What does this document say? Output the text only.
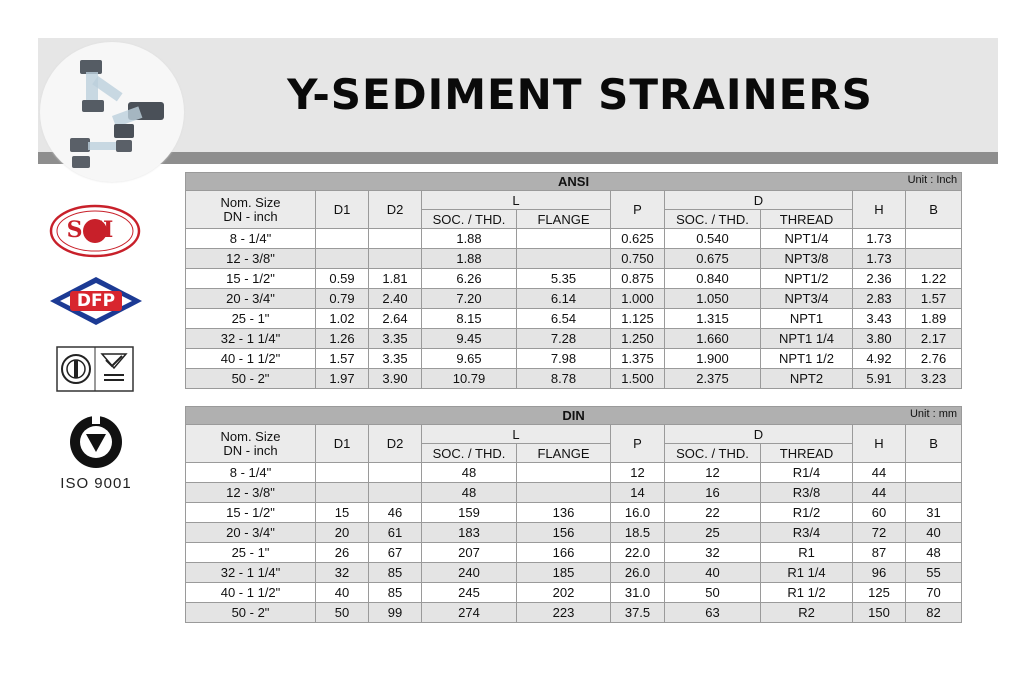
Y-SEDIMENT STRAINERS
SH
DFP
ISO 9001
ANSI Unit : Inch									

Nom. Size
DN - inch	D1	D2	L		P	D		H	B
			SOC. / THD.	FLANGE		SOC. / THD.	THREAD		
8 - 1/4"			1.88		0.625	0.540	NPT1/4	1.73	
12 - 3/8"			1.88		0.750	0.675	NPT3/8	1.73	
15 - 1/2"	0.59	1.81	6.26	5.35	0.875	0.840	NPT1/2	2.36	1.22
20 - 3/4"	0.79	2.40	7.20	6.14	1.000	1.050	NPT3/4	2.83	1.57
25 - 1"	1.02	2.64	8.15	6.54	1.125	1.315	NPT1	3.43	1.89
32 - 1 1/4"	1.26	3.35	9.45	7.28	1.250	1.660	NPT1 1/4	3.80	2.17
40 - 1 1/2"	1.57	3.35	9.65	7.98	1.375	1.900	NPT1 1/2	4.92	2.76
50 - 2"	1.97	3.90	10.79	8.78	1.500	2.375	NPT2	5.91	3.23
DIN Unit : mm									

Nom. Size
DN - inch	D1	D2	L		P	D		H	B
			SOC. / THD.	FLANGE		SOC. / THD.	THREAD		
8 - 1/4"			48		12	12	R1/4	44	
12 - 3/8"			48		14	16	R3/8	44	
15 - 1/2"	15	46	159	136	16.0	22	R1/2	60	31
20 - 3/4"	20	61	183	156	18.5	25	R3/4	72	40
25 - 1"	26	67	207	166	22.0	32	R1	87	48
32 - 1 1/4"	32	85	240	185	26.0	40	R1 1/4	96	55
40 - 1 1/2"	40	85	245	202	31.0	50	R1 1/2	125	70
50 - 2"	50	99	274	223	37.5	63	R2	150	82
